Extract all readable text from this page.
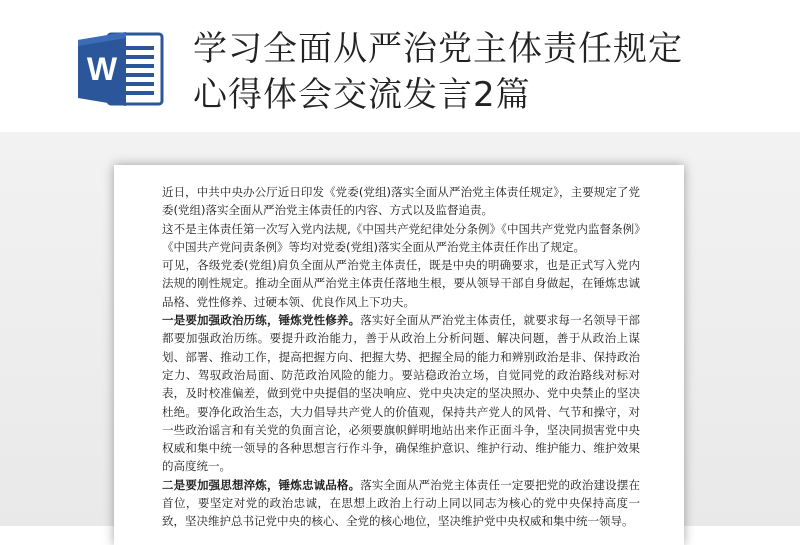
W 学习全面从严治党主体责任规定
心得体会交流发言2篇

近日，中共中央办公厅近日印发《党委(党组)落实全面从严治党主体责任规定》，主要规定了党委(党组)落实全面从严治党主体责任的内容、方式以及监督追责。

这不是主体责任第一次写入党内法规,《中国共产党纪律处分条例》《中国共产党党内监督条例》《中国共产党问责条例》等均对党委(党组)落实全面从严治党主体责任作出了规定。

可见，各级党委(党组)肩负全面从严治党主体责任，既是中央的明确要求，也是正式写入党内法规的刚性规定。推动全面从严治党主体责任落地生根，要从领导干部自身做起，在锤炼忠诚品格、党性修养、过硬本领、优良作风上下功夫。

一是要加强政治历练，锤炼党性修养。落实好全面从严治党主体责任，就要求每一名领导干部都要加强政治历练。要提升政治能力，善于从政治上分析问题、解决问题，善于从政治上谋划、部署、推动工作，提高把握方向、把握大势、把握全局的能力和辨别政治是非、保持政治定力、驾驭政治局面、防范政治风险的能力。要站稳政治立场，自觉同党的政治路线对标对表，及时校准偏差，做到党中央提倡的坚决响应、党中央决定的坚决照办、党中央禁止的坚决杜绝。要净化政治生态，大力倡导共产党人的价值观，保持共产党人的风骨、气节和操守，对一些政治谣言和有关党的负面言论，必须要旗帜鲜明地站出来作正面斗争，坚决同损害党中央权威和集中统一领导的各种思想言行作斗争，确保维护意识、维护行动、维护能力、维护效果的高度统一。

二是要加强思想淬炼，锤炼忠诚品格。落实全面从严治党主体责任一定要把党的政治建设摆在首位，要坚定对党的政治忠诚，在思想上政治上行动上同以同志为核心的党中央保持高度一致，坚决维护总书记党中央的核心、全党的核心地位，坚决维护党中央权威和集中统一领导。
